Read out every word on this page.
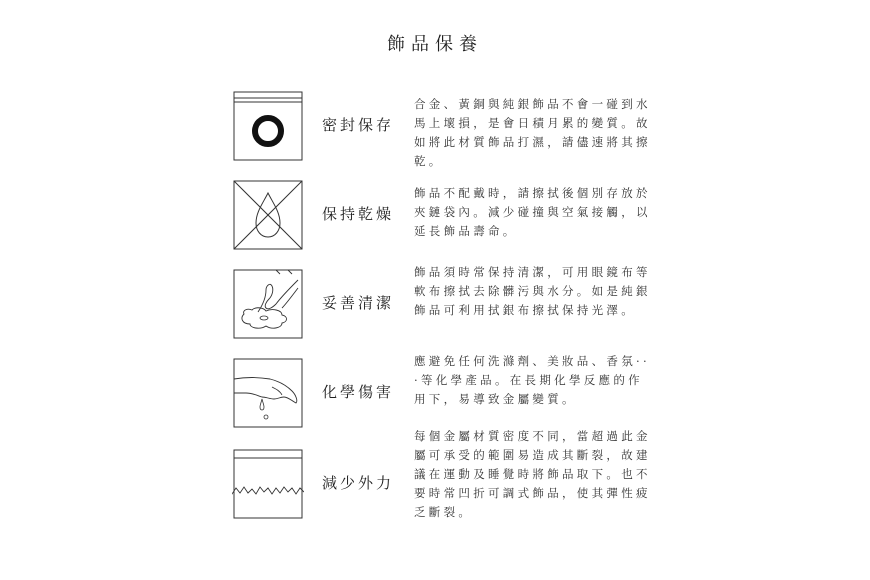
飾品保養
密封保存
合金、黃銅與純銀飾品不會一碰到水馬上壞損，是會日積月累的變質。故如將此材質飾品打濕，請儘速將其擦乾。
保持乾燥
飾品不配戴時，請擦拭後個別存放於夾鏈袋內。減少碰撞與空氣接觸，以延長飾品壽命。
妥善清潔
飾品須時常保持清潔，可用眼鏡布等軟布擦拭去除髒污與水分。如是純銀飾品可利用拭銀布擦拭保持光澤。
化學傷害
應避免任何洗滌劑、美妝品、香氛···等化學產品。在長期化學反應的作用下，易導致金屬變質。
減少外力
每個金屬材質密度不同，當超過此金屬可承受的範圍易造成其斷裂，故建議在運動及睡覺時將飾品取下。也不要時常凹折可調式飾品，使其彈性疲乏斷裂。
